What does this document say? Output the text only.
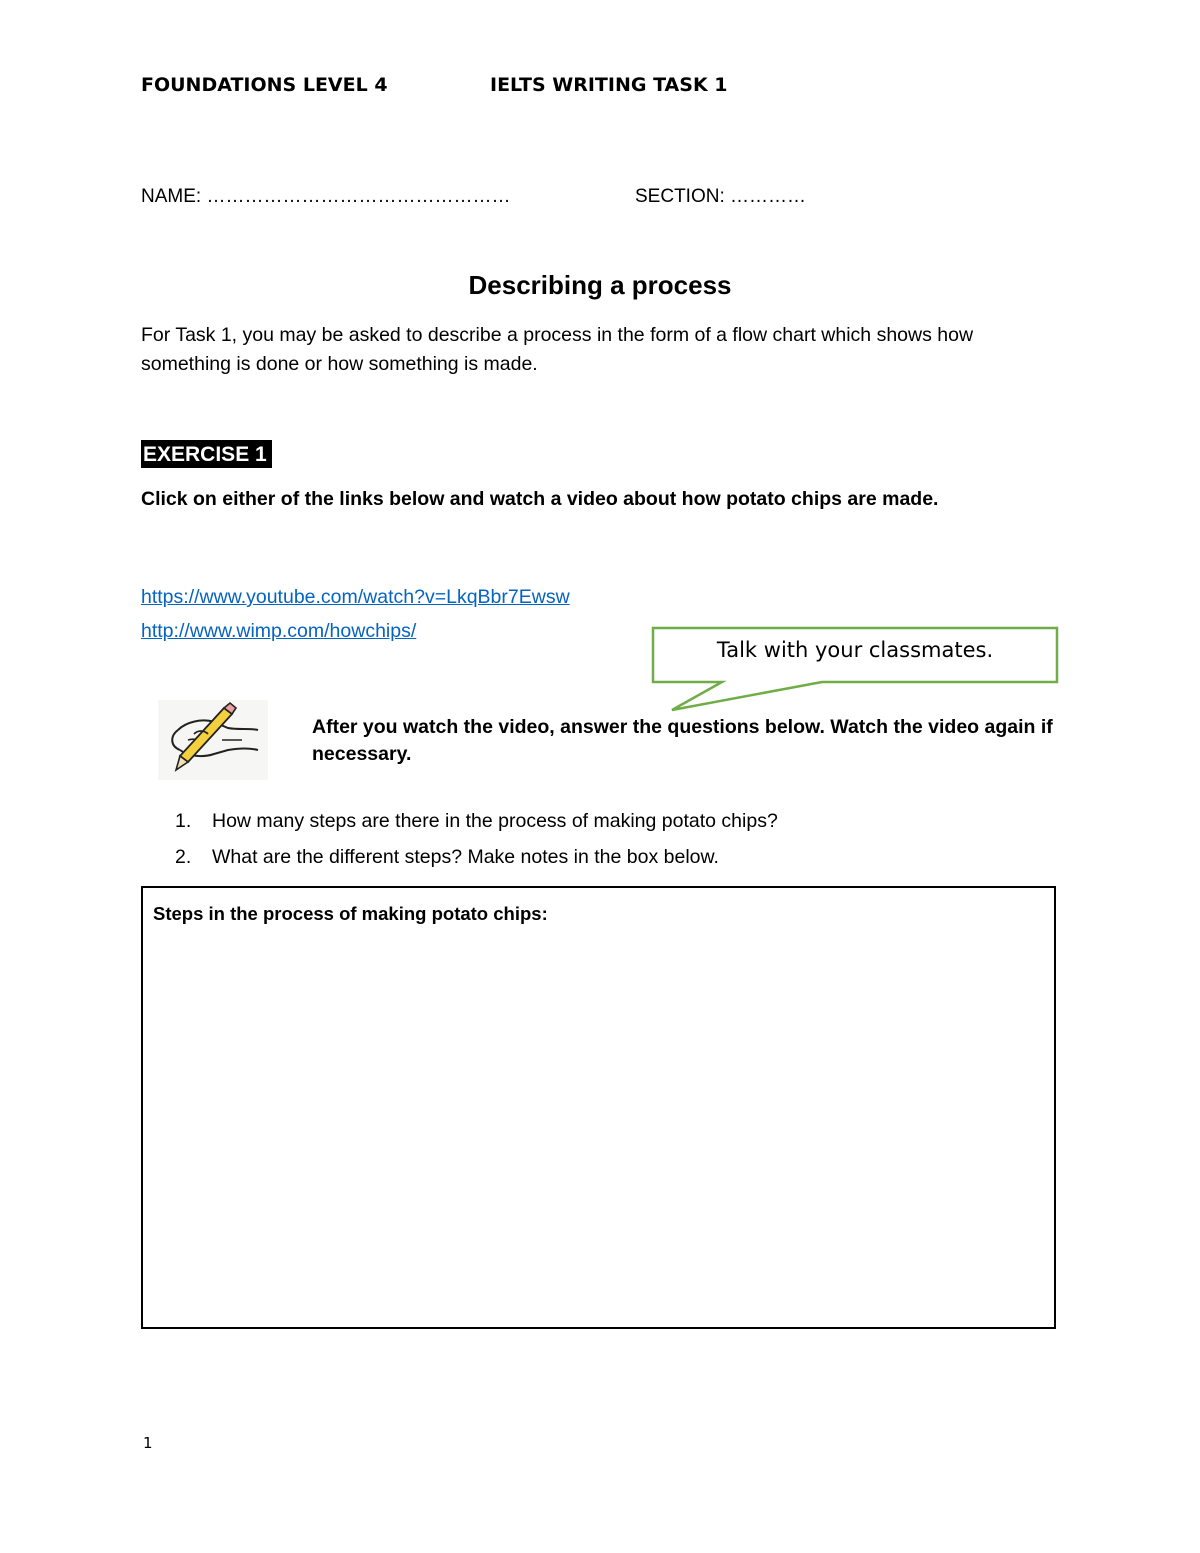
FOUNDATIONS LEVEL 4	IELTS WRITING TASK 1
NAME: …………………………………………	SECTION: …………
Describing a process
For Task 1, you may be asked to describe a process in the form of a flow chart which shows how something is done or how something is made.
EXERCISE 1
Click on either of the links below and watch a video about how potato chips are made.
https://www.youtube.com/watch?v=LkqBbr7Ewsw
http://www.wimp.com/howchips/
Talk with your classmates.
After you watch the video, answer the questions below. Watch the video again if necessary.
1. How many steps are there in the process of making potato chips?
2. What are the different steps? Make notes in the box below.
Steps in the process of making potato chips:
1
